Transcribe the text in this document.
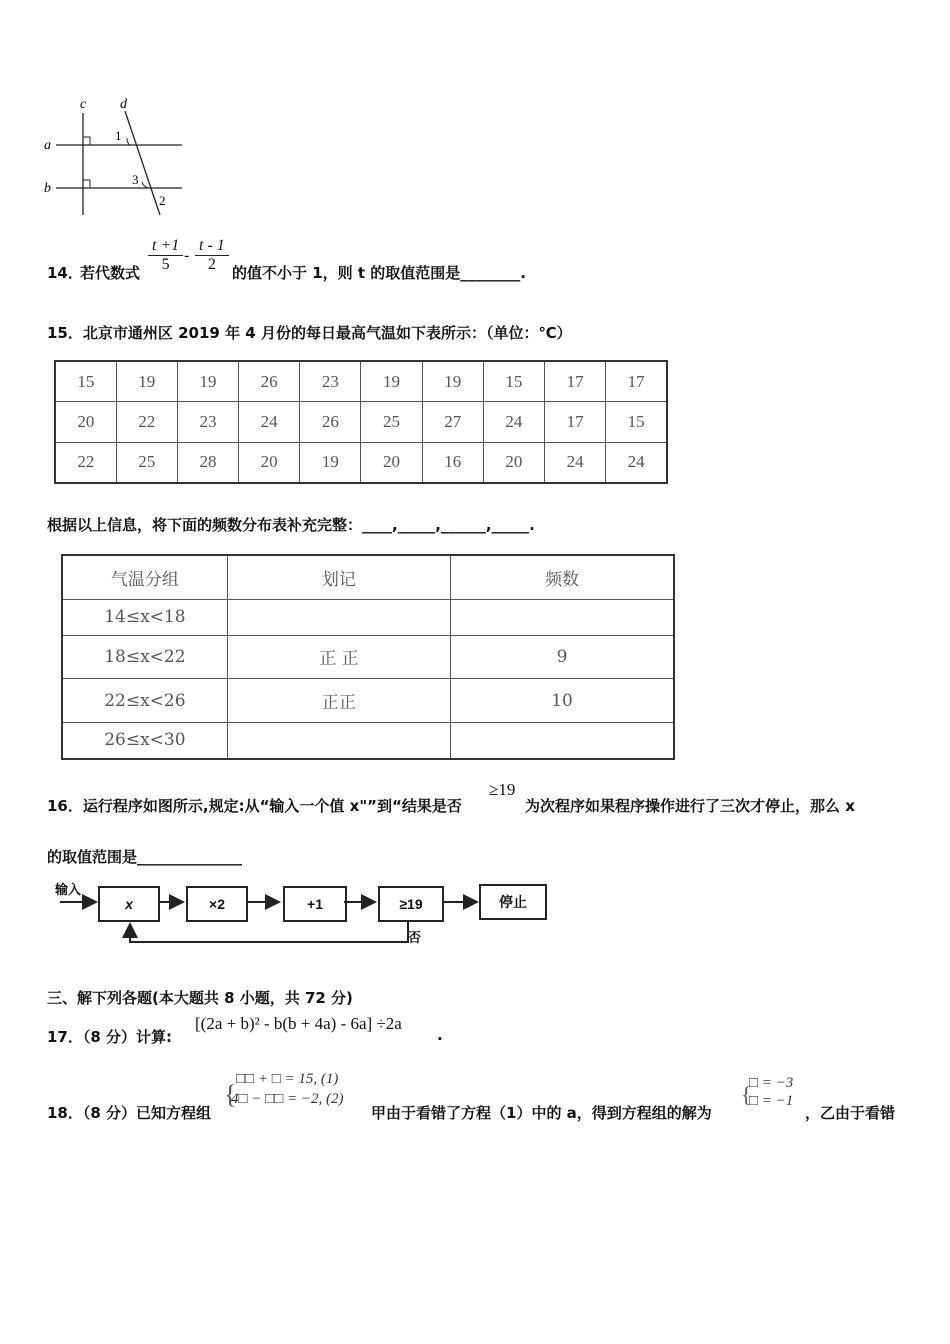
c d
a
b
1
3
2
14．
若代数式 $\frac{t +1}{5} - \frac{t - 1}{2}$ 的值不小于 1，则 t 的取值范围是________.
15．北京市通州区 2019 年 4 月份的每日最高气温如下表所示：（单位：℃）
15	19	19	26	23	19	19	15	17	17
20	22	23	24	26	25	27	24	17	15
22	25	28	20	19	20	16	20	24	24
根据以上信息，将下面的频数分布表补充完整：____,_____,______,_____.
气温分组	划记	频数
14≤x<18		
18≤x<22	正 正	9
22≤x<26	正正	10
26≤x<30		
16．运行程序如图所示,规定:从“输入一个值 x"”到“结果是否
≥19
为次程序如果程序操作进行了三次才停止，那么 x
的取值范围是______________
输入
x	×2	+1	≥19	停止
否
三、解下列各题(本大题共 8 小题，共 72 分)
17．（8 分）计算:
[(2a + b)² - b(b + 4a) - 6a] ÷2a
.
18．（8 分）已知方程组
{
□□ + □ = 15, (1)
4□ − □□ = −2, (2)
甲由于看错了方程（1）中的 a，得到方程组的解为
{
□ = −3
□ = −1
，乙由于看错
